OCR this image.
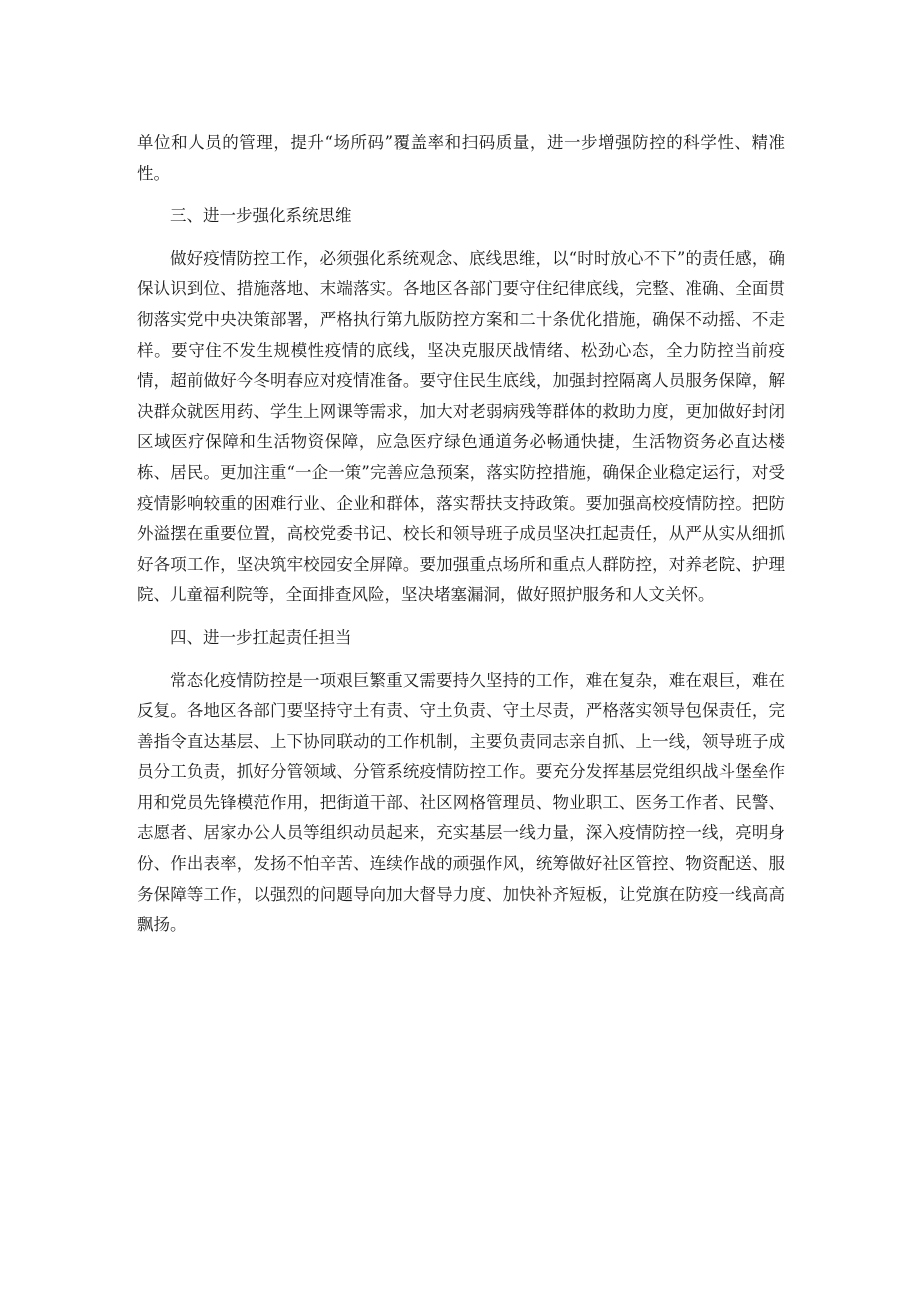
单位和人员的管理，提升“场所码”覆盖率和扫码质量，进一步增强防控的科学性、精准性。

三、进一步强化系统思维

做好疫情防控工作，必须强化系统观念、底线思维，以“时时放心不下”的责任感，确保认识到位、措施落地、末端落实。各地区各部门要守住纪律底线，完整、准确、全面贯彻落实党中央决策部署，严格执行第九版防控方案和二十条优化措施，确保不动摇、不走样。要守住不发生规模性疫情的底线，坚决克服厌战情绪、松劲心态，全力防控当前疫情，超前做好今冬明春应对疫情准备。要守住民生底线，加强封控隔离人员服务保障，解决群众就医用药、学生上网课等需求，加大对老弱病残等群体的救助力度，更加做好封闭区域医疗保障和生活物资保障，应急医疗绿色通道务必畅通快捷，生活物资务必直达楼栋、居民。更加注重“一企一策”完善应急预案，落实防控措施，确保企业稳定运行，对受疫情影响较重的困难行业、企业和群体，落实帮扶支持政策。要加强高校疫情防控。把防外溢摆在重要位置，高校党委书记、校长和领导班子成员坚决扛起责任，从严从实从细抓好各项工作，坚决筑牢校园安全屏障。要加强重点场所和重点人群防控，对养老院、护理院、儿童福利院等，全面排查风险，坚决堵塞漏洞，做好照护服务和人文关怀。

四、进一步扛起责任担当

常态化疫情防控是一项艰巨繁重又需要持久坚持的工作，难在复杂，难在艰巨，难在反复。各地区各部门要坚持守土有责、守土负责、守土尽责，严格落实领导包保责任，完善指令直达基层、上下协同联动的工作机制，主要负责同志亲自抓、上一线，领导班子成员分工负责，抓好分管领域、分管系统疫情防控工作。要充分发挥基层党组织战斗堡垒作用和党员先锋模范作用，把街道干部、社区网格管理员、物业职工、医务工作者、民警、志愿者、居家办公人员等组织动员起来，充实基层一线力量，深入疫情防控一线，亮明身份、作出表率，发扬不怕辛苦、连续作战的顽强作风，统筹做好社区管控、物资配送、服务保障等工作，以强烈的问题导向加大督导力度、加快补齐短板，让党旗在防疫一线高高飘扬。
